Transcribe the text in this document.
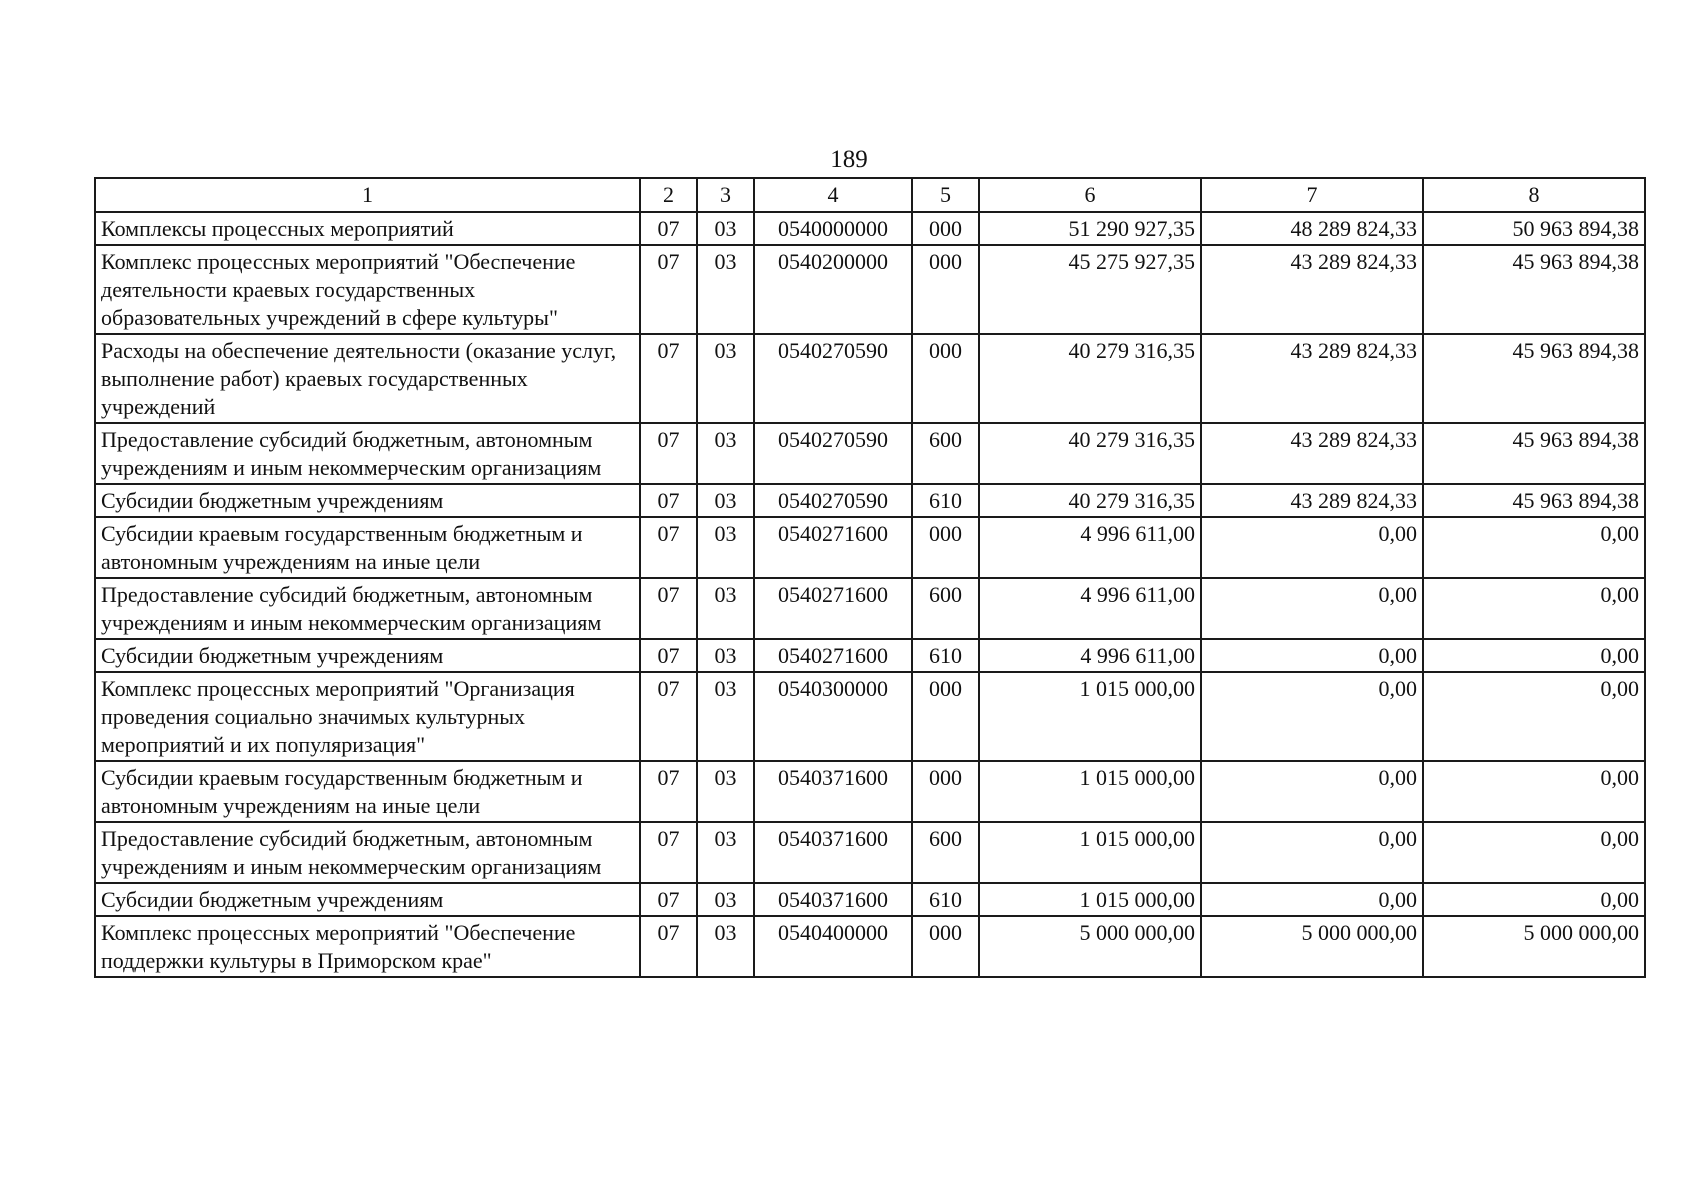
189
1	2	3	4	5	6	7	8
Комплексы процессных мероприятий	07	03	0540000000	000	51 290 927,35	48 289 824,33	50 963 894,38
Комплекс процессных мероприятий "Обеспечение деятельности краевых государственных образовательных учреждений в сфере культуры"	07	03	0540200000	000	45 275 927,35	43 289 824,33	45 963 894,38
Расходы на обеспечение деятельности (оказание услуг, выполнение работ) краевых государственных учреждений	07	03	0540270590	000	40 279 316,35	43 289 824,33	45 963 894,38
Предоставление субсидий бюджетным, автономным учреждениям и иным некоммерческим организациям	07	03	0540270590	600	40 279 316,35	43 289 824,33	45 963 894,38
Субсидии бюджетным учреждениям	07	03	0540270590	610	40 279 316,35	43 289 824,33	45 963 894,38
Субсидии краевым государственным бюджетным и автономным учреждениям на иные цели	07	03	0540271600	000	4 996 611,00	0,00	0,00
Предоставление субсидий бюджетным, автономным учреждениям и иным некоммерческим организациям	07	03	0540271600	600	4 996 611,00	0,00	0,00
Субсидии бюджетным учреждениям	07	03	0540271600	610	4 996 611,00	0,00	0,00
Комплекс процессных мероприятий "Организация проведения социально значимых культурных мероприятий и их популяризация"	07	03	0540300000	000	1 015 000,00	0,00	0,00
Субсидии краевым государственным бюджетным и автономным учреждениям на иные цели	07	03	0540371600	000	1 015 000,00	0,00	0,00
Предоставление субсидий бюджетным, автономным учреждениям и иным некоммерческим организациям	07	03	0540371600	600	1 015 000,00	0,00	0,00
Субсидии бюджетным учреждениям	07	03	0540371600	610	1 015 000,00	0,00	0,00
Комплекс процессных мероприятий "Обеспечение поддержки культуры в Приморском крае"	07	03	0540400000	000	5 000 000,00	5 000 000,00	5 000 000,00
